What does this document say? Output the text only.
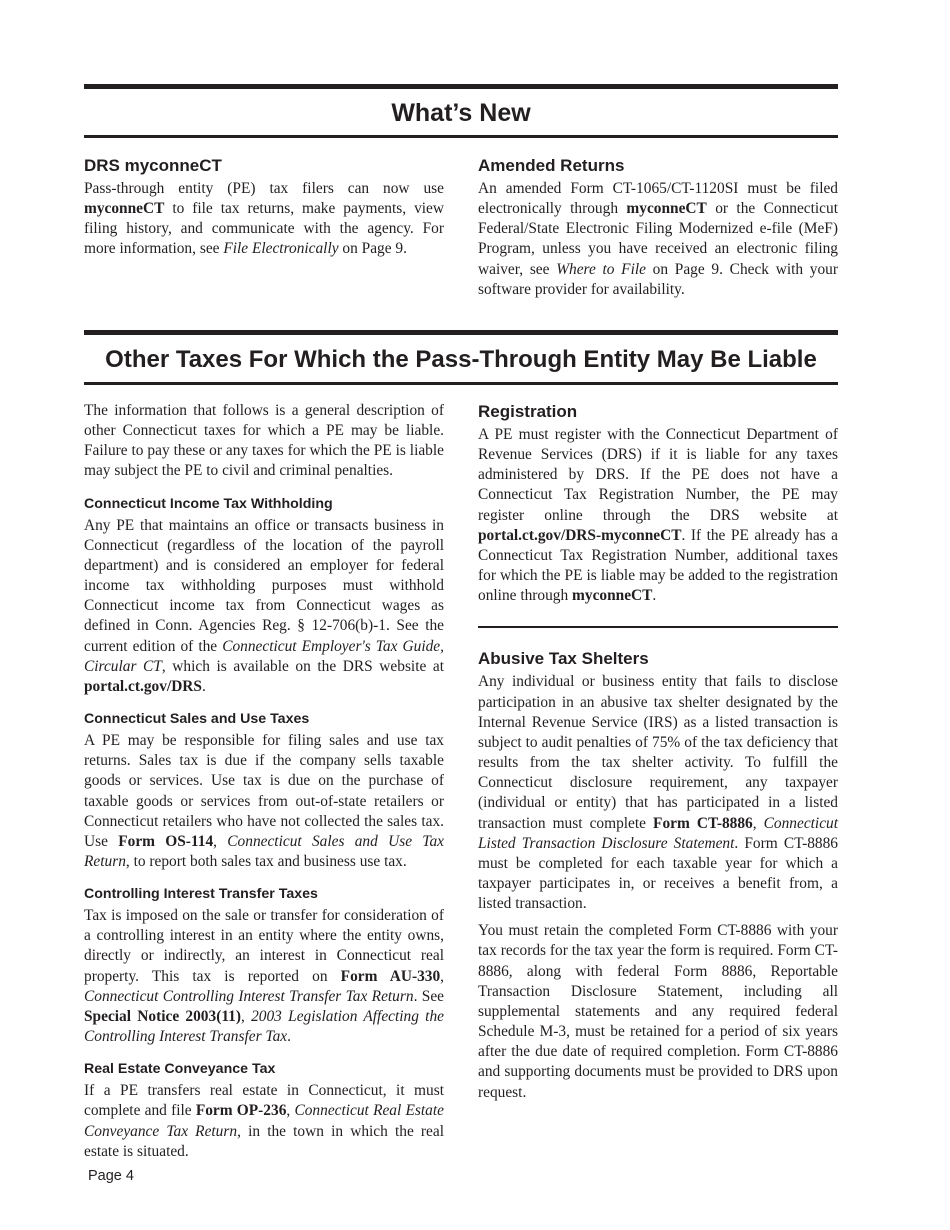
What’s New
DRS myconneCT

Pass-through entity (PE) tax filers can now use myconneCT to file tax returns, make payments, view filing history, and communicate with the agency. For more information, see File Electronically on Page 9.

Amended Returns

An amended Form CT-1065/CT-1120SI must be filed electronically through myconneCT or the Connecticut Federal/State Electronic Filing Modernized e-file (MeF) Program, unless you have received an electronic filing waiver, see Where to File on Page 9. Check with your software provider for availability.

Other Taxes For Which the Pass-Through Entity May Be Liable

The information that follows is a general description of other Connecticut taxes for which a PE may be liable. Failure to pay these or any taxes for which the PE is liable may subject the PE to civil and criminal penalties.

Connecticut Income Tax Withholding

Any PE that maintains an office or transacts business in Connecticut (regardless of the location of the payroll department) and is considered an employer for federal income tax withholding purposes must withhold Connecticut income tax from Connecticut wages as defined in Conn. Agencies Reg. § 12-706(b)-1. See the current edition of the Connecticut Employer's Tax Guide, Circular CT, which is available on the DRS website at portal.ct.gov/DRS.

Connecticut Sales and Use Taxes

A PE may be responsible for filing sales and use tax returns. Sales tax is due if the company sells taxable goods or services. Use tax is due on the purchase of taxable goods or services from out-of-state retailers or Connecticut retailers who have not collected the sales tax. Use Form OS-114, Connecticut Sales and Use Tax Return, to report both sales tax and business use tax.

Controlling Interest Transfer Taxes

Tax is imposed on the sale or transfer for consideration of a controlling interest in an entity where the entity owns, directly or indirectly, an interest in Connecticut real property. This tax is reported on Form AU-330, Connecticut Controlling Interest Transfer Tax Return. See Special Notice 2003(11), 2003 Legislation Affecting the Controlling Interest Transfer Tax.

Real Estate Conveyance Tax

If a PE transfers real estate in Connecticut, it must complete and file Form OP-236, Connecticut Real Estate Conveyance Tax Return, in the town in which the real estate is situated.

Registration

A PE must register with the Connecticut Department of Revenue Services (DRS) if it is liable for any taxes administered by DRS. If the PE does not have a Connecticut Tax Registration Number, the PE may register online through the DRS website at portal.ct.gov/DRS-myconneCT. If the PE already has a Connecticut Tax Registration Number, additional taxes for which the PE is liable may be added to the registration online through myconneCT.

Abusive Tax Shelters

Any individual or business entity that fails to disclose participation in an abusive tax shelter designated by the Internal Revenue Service (IRS) as a listed transaction is subject to audit penalties of 75% of the tax deficiency that results from the tax shelter activity. To fulfill the Connecticut disclosure requirement, any taxpayer (individual or entity) that has participated in a listed transaction must complete Form CT-8886, Connecticut Listed Transaction Disclosure Statement. Form CT-8886 must be completed for each taxable year for which a taxpayer participates in, or receives a benefit from, a listed transaction.

You must retain the completed Form CT-8886 with your tax records for the tax year the form is required. Form CT-8886, along with federal Form 8886, Reportable Transaction Disclosure Statement, including all supplemental statements and any required federal Schedule M-3, must be retained for a period of six years after the due date of required completion. Form CT-8886 and supporting documents must be provided to DRS upon request.

Page 4
